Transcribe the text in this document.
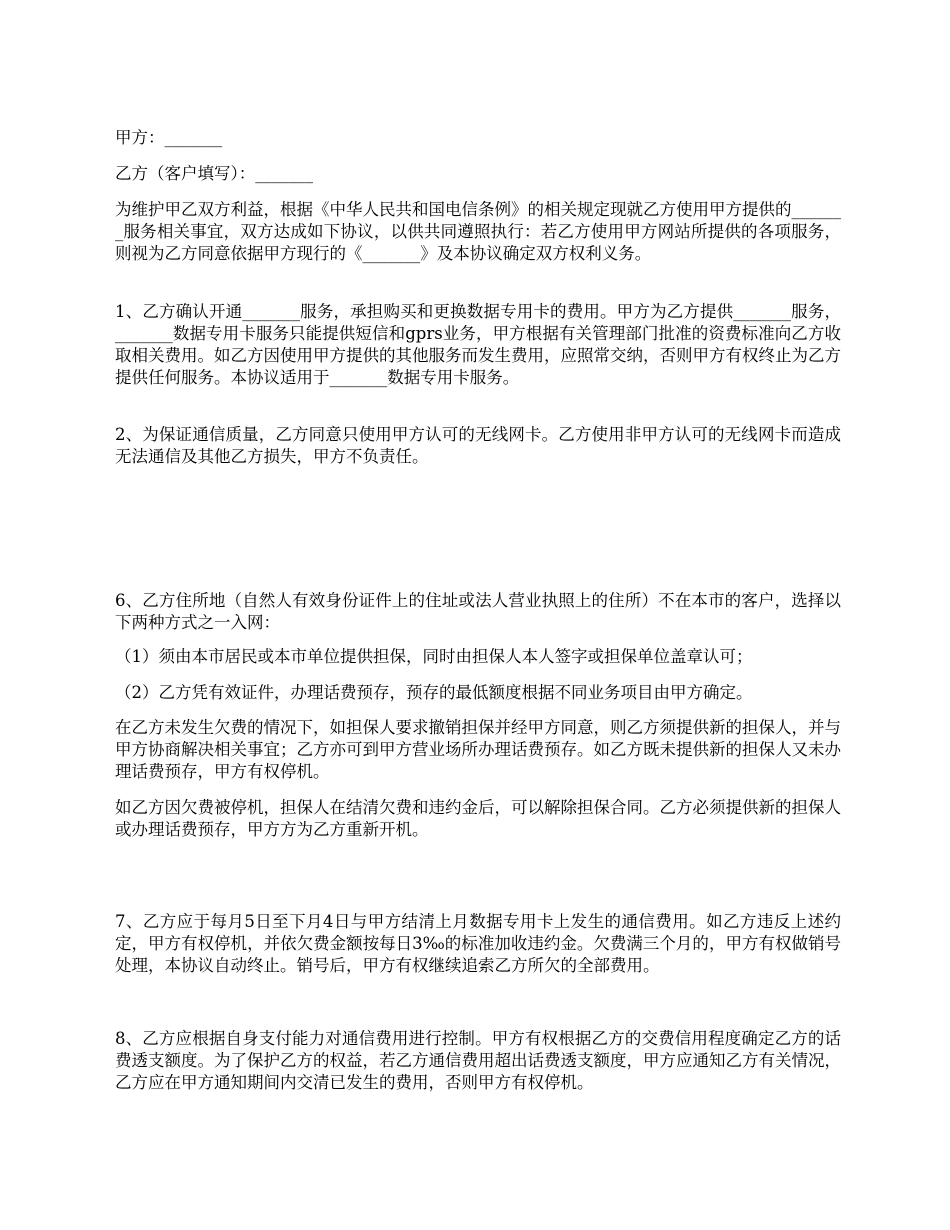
甲方：_______

乙方（客户填写）：_______

为维护甲乙双方利益，根据《中华人民共和国电信条例》的相关规定现就乙方使用甲方提供的_______服务相关事宜，双方达成如下协议，以供共同遵照执行：若乙方使用甲方网站所提供的各项服务，则视为乙方同意依据甲方现行的《_______》及本协议确定双方权利义务。

1、乙方确认开通_______服务，承担购买和更换数据专用卡的费用。甲方为乙方提供_______服务，_______数据专用卡服务只能提供短信和gprs业务，甲方根据有关管理部门批准的资费标准向乙方收取相关费用。如乙方因使用甲方提供的其他服务而发生费用，应照常交纳，否则甲方有权终止为乙方提供任何服务。本协议适用于_______数据专用卡服务。

2、为保证通信质量，乙方同意只使用甲方认可的无线网卡。乙方使用非甲方认可的无线网卡而造成无法通信及其他乙方损失，甲方不负责任。

6、乙方住所地（自然人有效身份证件上的住址或法人营业执照上的住所）不在本市的客户，选择以下两种方式之一入网：

（1）须由本市居民或本市单位提供担保，同时由担保人本人签字或担保单位盖章认可；

（2）乙方凭有效证件，办理话费预存，预存的最低额度根据不同业务项目由甲方确定。

在乙方未发生欠费的情况下，如担保人要求撤销担保并经甲方同意，则乙方须提供新的担保人，并与甲方协商解决相关事宜；乙方亦可到甲方营业场所办理话费预存。如乙方既未提供新的担保人又未办理话费预存，甲方有权停机。

如乙方因欠费被停机，担保人在结清欠费和违约金后，可以解除担保合同。乙方必须提供新的担保人或办理话费预存，甲方方为乙方重新开机。

7、乙方应于每月5日至下月4日与甲方结清上月数据专用卡上发生的通信费用。如乙方违反上述约定，甲方有权停机，并依欠费金额按每日3‰的标准加收违约金。欠费满三个月的，甲方有权做销号处理，本协议自动终止。销号后，甲方有权继续追索乙方所欠的全部费用。

8、乙方应根据自身支付能力对通信费用进行控制。甲方有权根据乙方的交费信用程度确定乙方的话费透支额度。为了保护乙方的权益，若乙方通信费用超出话费透支额度，甲方应通知乙方有关情况，乙方应在甲方通知期间内交清已发生的费用，否则甲方有权停机。
